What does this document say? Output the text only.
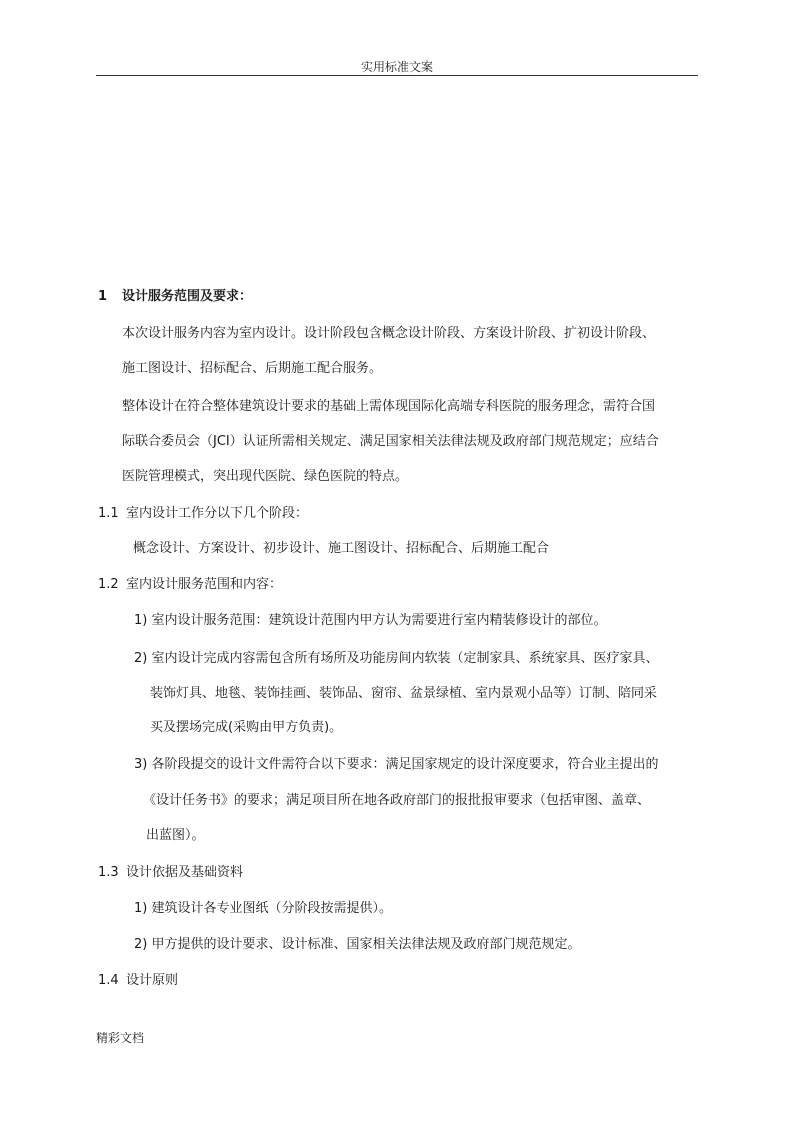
实用标准文案
1 设计服务范围及要求：
本次设计服务内容为室内设计。设计阶段包含概念设计阶段、方案设计阶段、扩初设计阶段、
施工图设计、招标配合、后期施工配合服务。
整体设计在符合整体建筑设计要求的基础上需体现国际化高端专科医院的服务理念，需符合国
际联合委员会（JCI）认证所需相关规定、满足国家相关法律法规及政府部门规范规定；应结合
医院管理模式，突出现代医院、绿色医院的特点。
1.1 室内设计工作分以下几个阶段：
概念设计、方案设计、初步设计、施工图设计、招标配合、后期施工配合
1.2 室内设计服务范围和内容：
1) 室内设计服务范围：建筑设计范围内甲方认为需要进行室内精装修设计的部位。
2) 室内设计完成内容需包含所有场所及功能房间内软装（定制家具、系统家具、医疗家具、
装饰灯具、地毯、装饰挂画、装饰品、窗帘、盆景绿植、室内景观小品等）订制、陪同采
买及摆场完成(采购由甲方负责)。
3) 各阶段提交的设计文件需符合以下要求：满足国家规定的设计深度要求，符合业主提出的
《设计任务书》的要求；满足项目所在地各政府部门的报批报审要求（包括审图、盖章、
出蓝图）。
1.3 设计依据及基础资料
1) 建筑设计各专业图纸（分阶段按需提供）。
2) 甲方提供的设计要求、设计标准、国家相关法律法规及政府部门规范规定。
1.4 设计原则
精彩文档
